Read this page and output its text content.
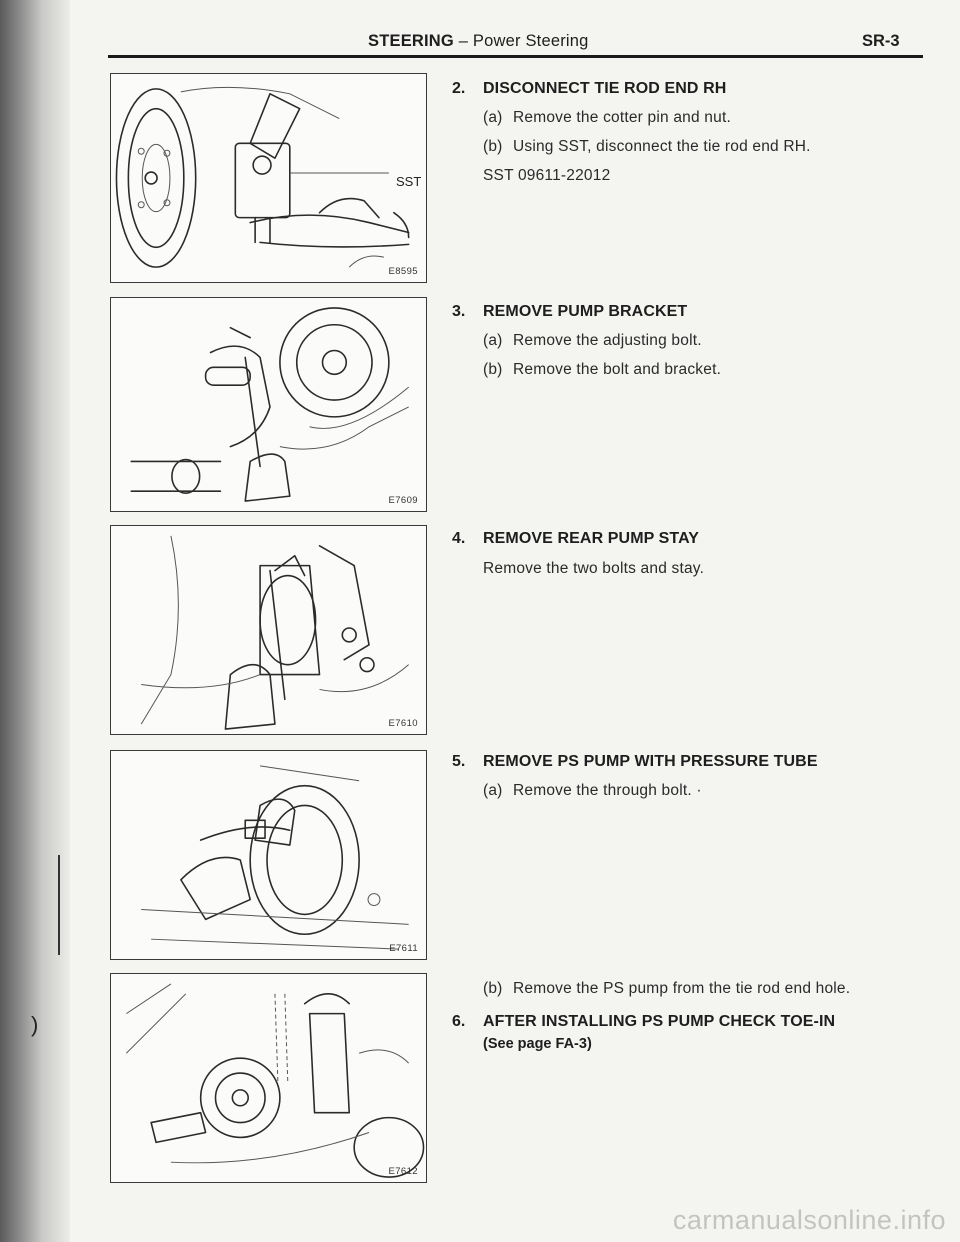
)
STEERING – Power Steering	SR-3
SST
E8595
E7609
E7610
E7611
E7612
2. DISCONNECT TIE ROD END RH
(a) Remove the cotter pin and nut.
(b) Using SST, disconnect the tie rod end RH.
SST 09611-22012
3. REMOVE PUMP BRACKET
(a) Remove the adjusting bolt.
(b) Remove the bolt and bracket.
4. REMOVE REAR PUMP STAY
Remove the two bolts and stay.
5. REMOVE PS PUMP WITH PRESSURE TUBE
(a) Remove the through bolt. ·
(b) Remove the PS pump from the tie rod end hole.
6. AFTER INSTALLING PS PUMP CHECK TOE-IN
(See page FA-3)
carmanualsonline.info
